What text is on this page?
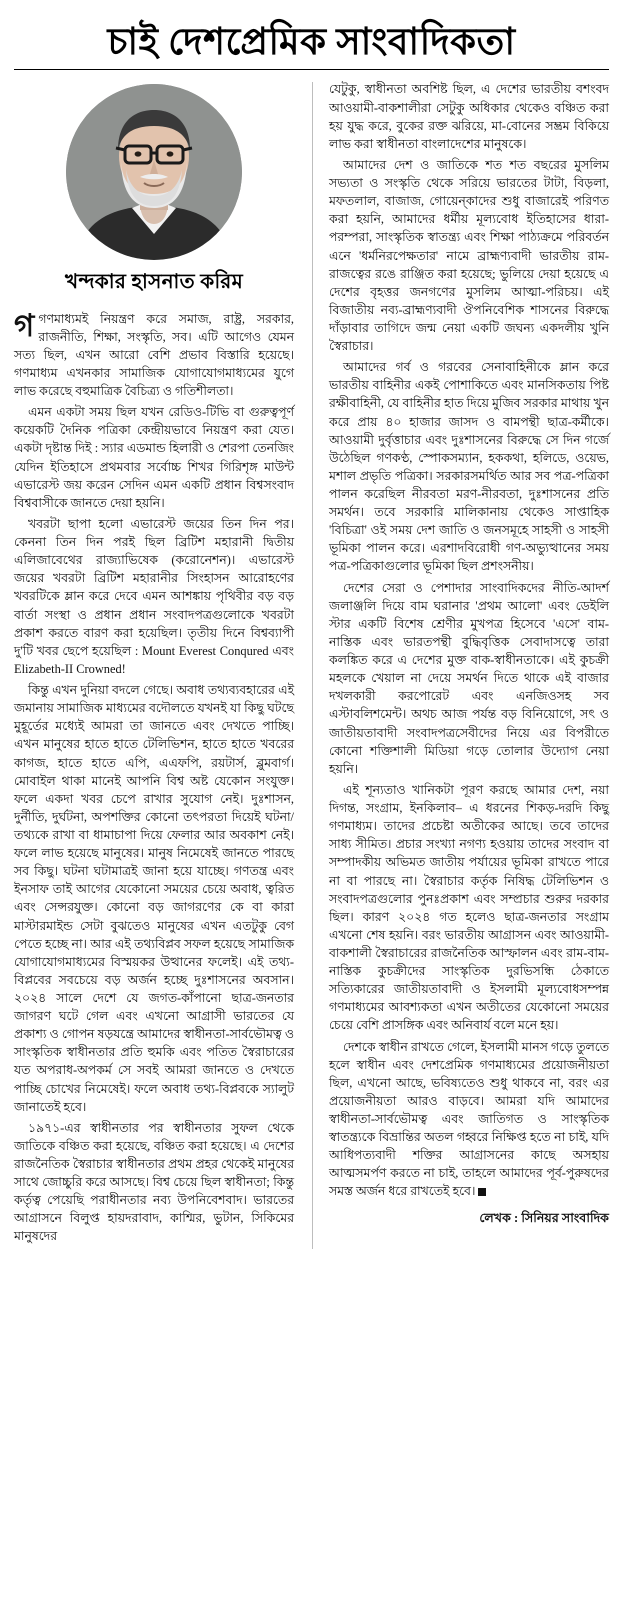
চাই দেশপ্রেমিক সাংবাদিকতা
খন্দকার হাসনাত করিম

গগণমাধ্যমই নিয়ন্ত্রণ করে সমাজ, রাষ্ট্র, সরকার, রাজনীতি, শিক্ষা, সংস্কৃতি, সব। এটি আগেও যেমন সত্য ছিল, এখন আরো বেশি প্রভাব বিস্তারি হয়েছে। গণমাধ্যম এখনকার সামাজিক যোগাযোগমাধ্যমের যুগে লাভ করেছে বহুমাত্রিক বৈচিত্র্য ও গতিশীলতা।

এমন একটা সময় ছিল যখন রেডিও-টিভি বা গুরুত্বপূর্ণ কয়েকটি দৈনিক পত্রিকা কেন্দ্রীয়ভাবে নিয়ন্ত্রণ করা যেত। একটা দৃষ্টান্ত দিই : স্যার এডমান্ড হিলারী ও শেরপা তেনজিং যেদিন ইতিহাসে প্রথমবার সর্বোচ্চ শিখর গিরিশৃঙ্গ মাউন্ট এভারেস্ট জয় করেন সেদিন এমন একটি প্রধান বিশ্বসংবাদ বিশ্ববাসীকে জানতে দেয়া হয়নি।

খবরটা ছাপা হলো এভারেস্ট জয়ের তিন দিন পর। কেননা তিন দিন পরই ছিল ব্রিটিশ মহারানী দ্বিতীয় এলিজাবেথের রাজ্যাভিষেক (করোনেশন)। এভারেস্ট জয়ের খবরটা ব্রিটিশ মহারানীর সিংহাসন আরোহণের খবরটিকে ম্লান করে দেবে এমন আশঙ্কায় পৃথিবীর বড় বড় বার্তা সংস্থা ও প্রধান প্রধান সংবাদপত্রগুলোকে খবরটা প্রকাশ করতে বারণ করা হয়েছিল। তৃতীয় দিনে বিশ্বব্যাপী দু'টি খবর ছেপে হয়েছিল : Mount Everest Conqured এবং Elizabeth-II Crowned!

কিন্তু এখন দুনিয়া বদলে গেছে। অবাধ তথ্যব্যবহারের এই জমানায় সামাজিক মাধ্যমের বদৌলতে যখনই যা কিছু ঘটছে মুহূর্তের মধ্যেই আমরা তা জানতে এবং দেখতে পাচ্ছি। এখন মানুষের হাতে হাতে টেলিভিশন, হাতে হাতে খবরের কাগজ, হাতে হাতে এপি, এএফপি, রয়টার্স, ব্লুমবার্গ। মোবাইল থাকা মানেই আপনি বিশ্ব অষ্ট যেকোন সংযুক্ত। ফলে একদা খবর চেপে রাখার সুযোগ নেই। দুঃশাসন, দুর্নীতি, দুর্ঘটনা, অপশক্তির কোনো তৎপরতা দিয়েই ঘটনা/তথ্যকে রাখা বা ধামাচাপা দিয়ে ফেলার আর অবকাশ নেই। ফলে লাভ হয়েছে মানুষের। মানুষ নিমেষেই জানতে পারছে সব কিছু। ঘটনা ঘটামাত্রই জানা হয়ে যাচ্ছে। গণতন্ত্র এবং ইনসাফ তাই আগের যেকোনো সময়ের চেয়ে অবাধ, ত্বরিত এবং সেন্সরযুক্ত। কোনো বড় জাগরণের কে বা কারা মাস্টারমাইন্ড সেটা বুঝতেও মানুষের এখন এতটুকু বেগ পেতে হচ্ছে না। আর এই তথ্যবিপ্লব সফল হয়েছে সামাজিক যোগাযোগমাধ্যমের বিস্ময়কর উত্থানের ফলেই। এই তথ্য-বিপ্লবের সবচেয়ে বড় অর্জন হচ্ছে দুঃশাসনের অবসান। ২০২৪ সালে দেশে যে জগত-কাঁপানো ছাত্র-জনতার জাগরণ ঘটে গেল এবং এখনো আগ্রাসী ভারতের যে প্রকাশ্য ও গোপন ষড়যন্ত্রে আমাদের স্বাধীনতা-সার্বভৌমত্ব ও সাংস্কৃতিক স্বাধীনতার প্রতি হুমকি এবং পতিত স্বৈরাচারের যত অপরাধ-অপকর্ম সে সবই আমরা জানতে ও দেখতে পাচ্ছি চোখের নিমেষেই। ফলে অবাধ তথ্য-বিপ্লবকে স্যালুট জানাতেই হবে।

১৯৭১-এর স্বাধীনতার পর স্বাধীনতার সুফল থেকে জাতিকে বঞ্চিত করা হয়েছে, বঞ্চিত করা হয়েছে। এ দেশের রাজনৈতিক স্বৈরাচার স্বাধীনতার প্রথম প্রহর থেকেই মানুষের সাথে জোচ্চুরি করে আসছে। বিশ্ব চেয়ে ছিল স্বাধীনতা; কিন্তু কর্তৃত্ব পেয়েছি পরাধীনতার নব্য উপনিবেশবাদ। ভারতের আগ্রাসনে বিলুপ্ত হায়দরাবাদ, কাশ্মির, ভুটান, সিকিমের মানুষদের

যেটুকু, স্বাধীনতা অবশিষ্ট ছিল, এ দেশের ভারতীয় বশংবদ আওয়ামী-বাকশালীরা সেটুকু অধিকার থেকেও বঞ্চিত করা হয় যুদ্ধ করে, বুকের রক্ত ঝরিয়ে, মা-বোনের সম্ভ্রম বিকিয়ে লাভ করা স্বাধীনতা বাংলাদেশের মানুষকে।

আমাদের দেশ ও জাতিকে শত শত বছরের মুসলিম সভ্যতা ও সংস্কৃতি থেকে সরিয়ে ভারতের টাটা, বিড়লা, মফতলাল, বাজাজ, গোয়েন্কাদের শুধু বাজারেই পরিণত করা হয়নি, আমাদের ধর্মীয় মূল্যবোধ ইতিহাসের ধারা-পরম্পরা, সাংস্কৃতিক স্বাতন্ত্র্য এবং শিক্ষা পাঠ্যক্রমে পরিবর্তন এনে 'ধর্মনিরপেক্ষতার' নামে ব্রাহ্মণ্যবাদী ভারতীয় রাম-রাজত্বের রঙে রাঞ্জিত করা হয়েছে; ভুলিয়ে দেয়া হয়েছে এ দেশের বৃহত্তর জনগণের মুসলিম আত্মা-পরিচয়। এই বিজাতীয় নব্য-ব্রাহ্মণ্যবাদী ঔপনিবেশিক শাসনের বিরুদ্ধে দাঁড়াবার তাগিদে জন্ম নেয়া একটি জঘন্য একদলীয় খুনি স্বৈরাচার।

আমাদের গর্ব ও গরবের সেনাবাহিনীকে ম্লান করে ভারতীয় বাহিনীর একই পোশাকিতে এবং মানসিকতায় পিষ্ট রক্ষীবাহিনী, যে বাহিনীর হাত দিয়ে মুজিব সরকার মাথায় খুন করে প্রায় ৪০ হাজার জাসদ ও বামপন্থী ছাত্র-কর্মীকে। আওয়ামী দুর্বৃত্তাচার এবং দুঃশাসনের বিরুদ্ধে সে দিন গর্জে উঠেছিল গণকণ্ঠ, স্পোকসম্যান, হককথা, হলিডে, ওয়েভ, মশাল প্রভৃতি পত্রিকা। সরকারসমর্থিত আর সব পত্র-পত্রিকা পালন করেছিল নীরবতা মরণ-নীরবতা, দুঃশাসনের প্রতি সমর্থন। তবে সরকারি মালিকানায় থেকেও সাপ্তাহিক 'বিচিত্রা' ওই সময় দেশ জাতি ও জনসমূহে সাহসী ও সাহসী ভূমিকা পালন করে। এরশাদবিরোধী গণ-অভ্যুত্থানের সময় পত্র-পত্রিকাগুলোর ভূমিকা ছিল প্রশংসনীয়।

দেশের সেরা ও পেশাদার সাংবাদিকদের নীতি-আদর্শ জলাঞ্জলি দিয়ে বাম ঘরানার 'প্রথম আলো' এবং ডেইলি স্টার একটি বিশেষ শ্রেণীর মুখপত্র হিসেবে 'এসে' বাম-নাস্তিক এবং ভারতপন্থী বুদ্ধিবৃত্তিক সেবাদাসত্বে তারা কলঙ্কিত করে এ দেশের মুক্ত বাক-স্বাধীনতাকে। এই কুচক্রী মহলকে খেয়াল না দেয়ে সমর্থন দিতে থাকে এই বাজার দখলকারী করপোরেট এবং এনজিওসহ সব এস্টাবলিশমেন্ট। অথচ আজ পর্যন্ত বড় বিনিয়োগে, সৎ ও জাতীয়তাবাদী সংবাদপত্রসেবীদের নিয়ে এর বিপরীতে কোনো শক্তিশালী মিডিয়া গড়ে তোলার উদ্যোগ নেয়া হয়নি।

এই শূন্যতাও খানিকটা পূরণ করছে আমার দেশ, নয়া দিগন্ত, সংগ্রাম, ইনকিলাব– এ ধরনের শিকড়-দরদি কিছু গণমাধ্যম। তাদের প্রচেষ্টা অতীকের আছে। তবে তাদের সাধ্য সীমিত। প্রচার সংখ্যা নগণ্য হওয়ায় তাদের সংবাদ বা সম্পাদকীয় অভিমত জাতীয় পর্যায়ের ভূমিকা রাখতে পারে না বা পারছে না। স্বৈরাচার কর্তৃক নিষিদ্ধ টেলিভিশন ও সংবাদপত্রগুলোর পুনঃপ্রকাশ এবং সম্প্রচার শুরুর দরকার ছিল। কারণ ২০২৪ গত হলেও ছাত্র-জনতার সংগ্রাম এখনো শেষ হয়নি। বরং ভারতীয় আগ্রাসন এবং আওয়ামী-বাকশালী স্বৈরাচারের রাজনৈতিক আস্ফালন এবং রাম-বাম-নাস্তিক কুচক্রীদের সাংস্কৃতিক দুরভিসন্ধি ঠেকাতে সত্যিকারের জাতীয়তাবাদী ও ইসলামী মূল্যবোধসম্পন্ন গণমাধ্যমের আবশ্যকতা এখন অতীতের যেকোনো সময়ের চেয়ে বেশি প্রাসঙ্গিক এবং অনিবার্য বলে মনে হয়।

দেশকে স্বাধীন রাখতে গেলে, ইসলামী মানস গড়ে তুলতে হলে স্বাধীন এবং দেশপ্রেমিক গণমাধ্যমের প্রয়োজনীয়তা ছিল, এখনো আছে, ভবিষ্যতেও শুধু থাকবে না, বরং এর প্রয়োজনীয়তা আরও বাড়বে। আমরা যদি আমাদের স্বাধীনতা-সার্বভৌমত্ব এবং জাতিগত ও সাংস্কৃতিক স্বাতন্ত্র্যকে বিভ্রান্তির অতল গহ্বরে নিক্ষিপ্ত হতে না চাই, যদি আধিপত্যবাদী শক্তির আগ্রাসনের কাছে অসহায় আত্মসমর্পণ করতে না চাই, তাহলে আমাদের পূর্ব-পুরুষদের সমস্ত অর্জন ধরে রাখতেই হবে।

লেখক : সিনিয়র সাংবাদিক
